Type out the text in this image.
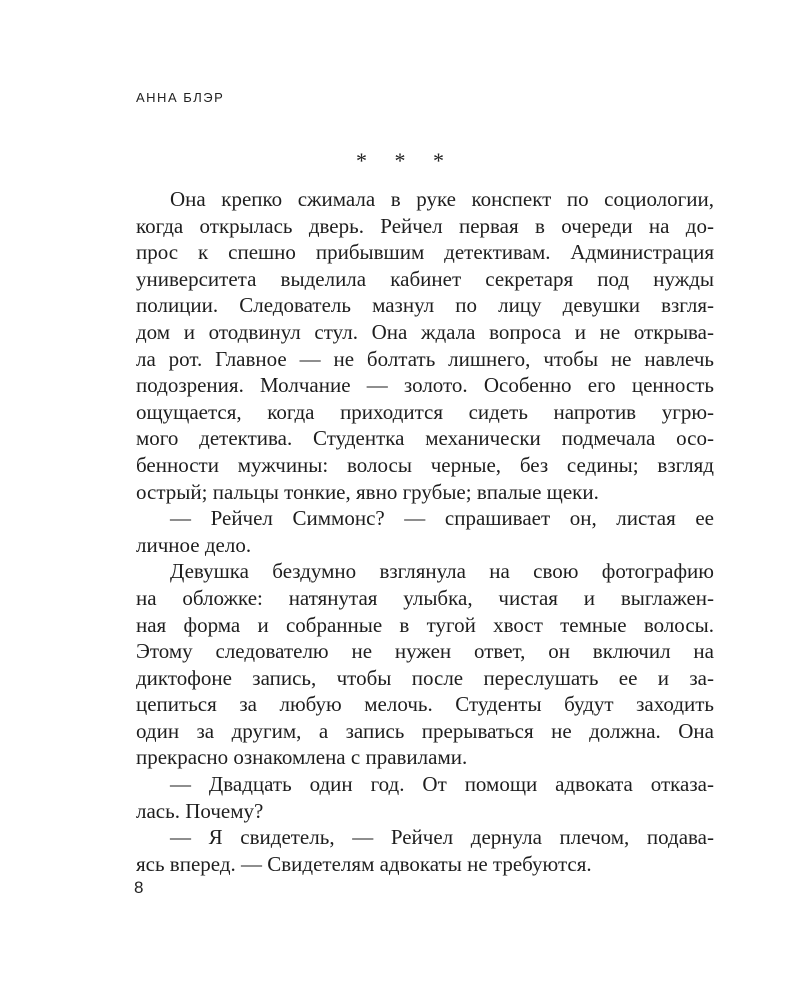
АННА БЛЭР
* * *
Она крепко сжимала в руке конспект по социологии,
когда открылась дверь. Рейчел первая в очереди на до-
прос к спешно прибывшим детективам. Администрация
университета выделила кабинет секретаря под нужды
полиции. Следователь мазнул по лицу девушки взгля-
дом и отодвинул стул. Она ждала вопроса и не открыва-
ла рот. Главное — не болтать лишнего, чтобы не навлечь
подозрения. Молчание — золото. Особенно его ценность
ощущается, когда приходится сидеть напротив угрю-
мого детектива. Студентка механически подмечала осо-
бенности мужчины: волосы черные, без седины; взгляд
острый; пальцы тонкие, явно грубые; впалые щеки.
— Рейчел Симмонс? — спрашивает он, листая ее
личное дело.
Девушка бездумно взглянула на свою фотографию
на обложке: натянутая улыбка, чистая и выглажен-
ная форма и собранные в тугой хвост темные волосы.
Этому следователю не нужен ответ, он включил на
диктофоне запись, чтобы после переслушать ее и за-
цепиться за любую мелочь. Студенты будут заходить
один за другим, а запись прерываться не должна. Она
прекрасно ознакомлена с правилами.
— Двадцать один год. От помощи адвоката отказа-
лась. Почему?
— Я свидетель, — Рейчел дернула плечом, подава-
ясь вперед. — Свидетелям адвокаты не требуются.
8
